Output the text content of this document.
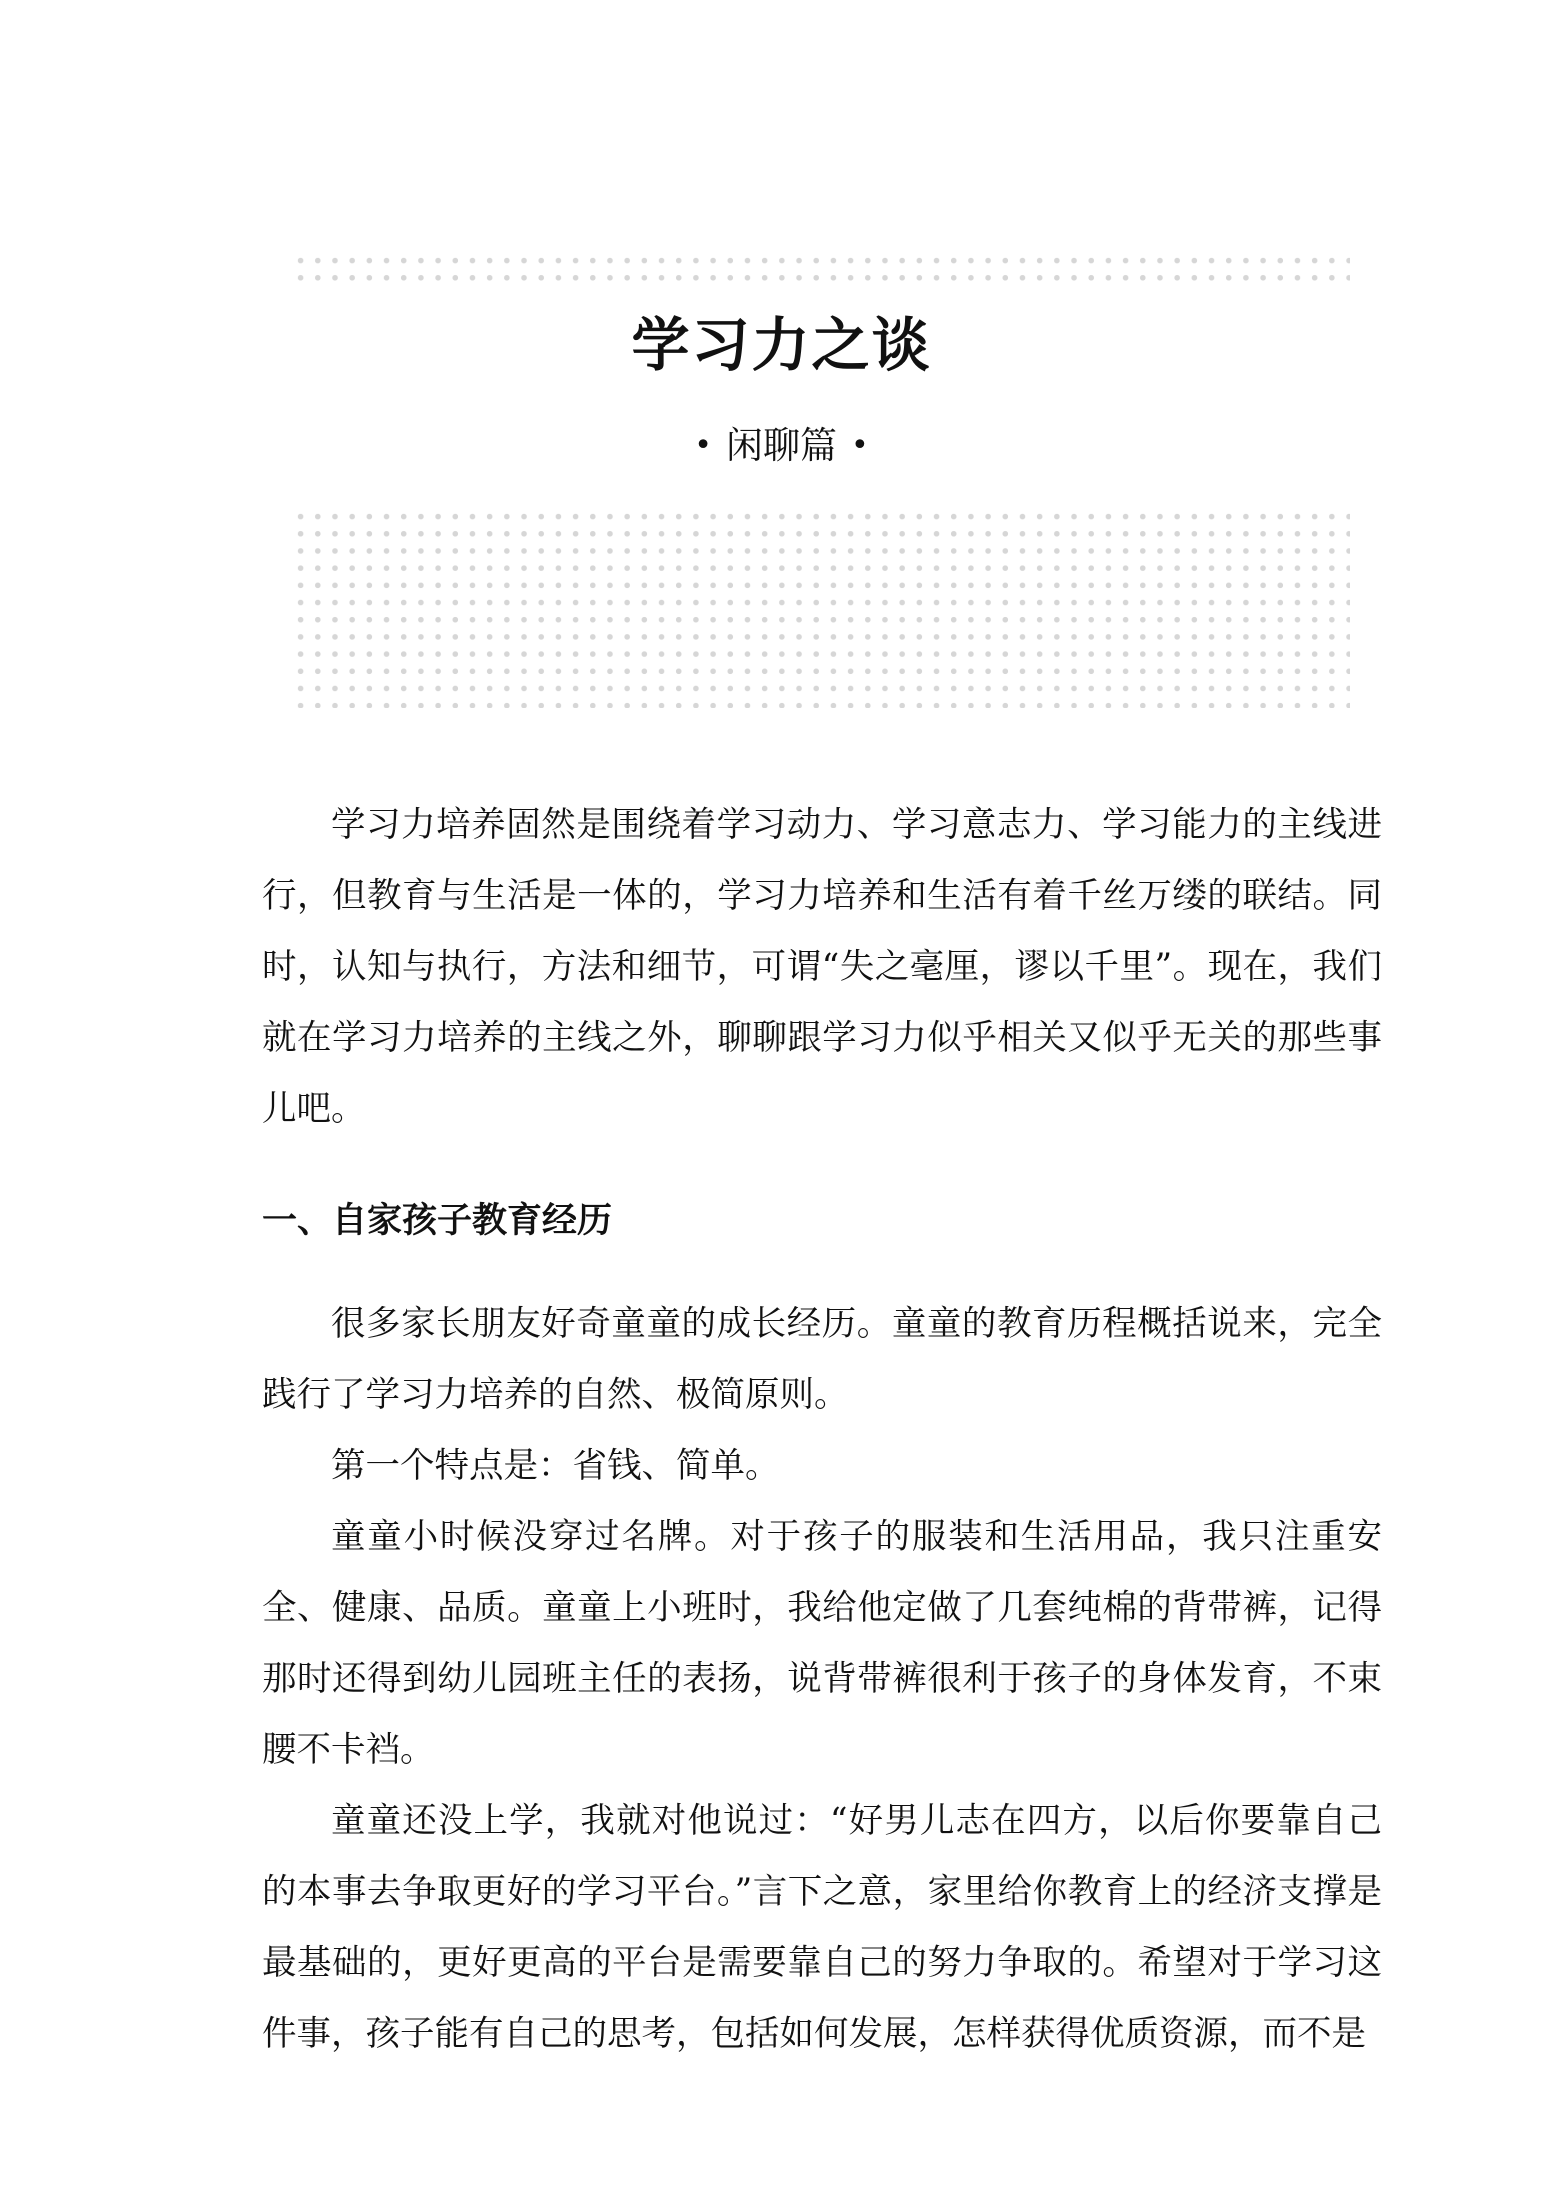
学习力之谈
• 闲聊篇 •

学习力培养固然是围绕着学习动力、学习意志力、学习能力的主线进行，但教育与生活是一体的，学习力培养和生活有着千丝万缕的联结。同时，认知与执行，方法和细节，可谓“失之毫厘，谬以千里”。现在，我们就在学习力培养的主线之外，聊聊跟学习力似乎相关又似乎无关的那些事儿吧。

一、自家孩子教育经历

很多家长朋友好奇童童的成长经历。童童的教育历程概括说来，完全践行了学习力培养的自然、极简原则。

第一个特点是：省钱、简单。

童童小时候没穿过名牌。对于孩子的服装和生活用品，我只注重安全、健康、品质。童童上小班时，我给他定做了几套纯棉的背带裤，记得那时还得到幼儿园班主任的表扬，说背带裤很利于孩子的身体发育，不束腰不卡裆。

童童还没上学，我就对他说过：“好男儿志在四方，以后你要靠自己的本事去争取更好的学习平台。”言下之意，家里给你教育上的经济支撑是最基础的，更好更高的平台是需要靠自己的努力争取的。希望对于学习这件事，孩子能有自己的思考，包括如何发展，怎样获得优质资源，而不是
